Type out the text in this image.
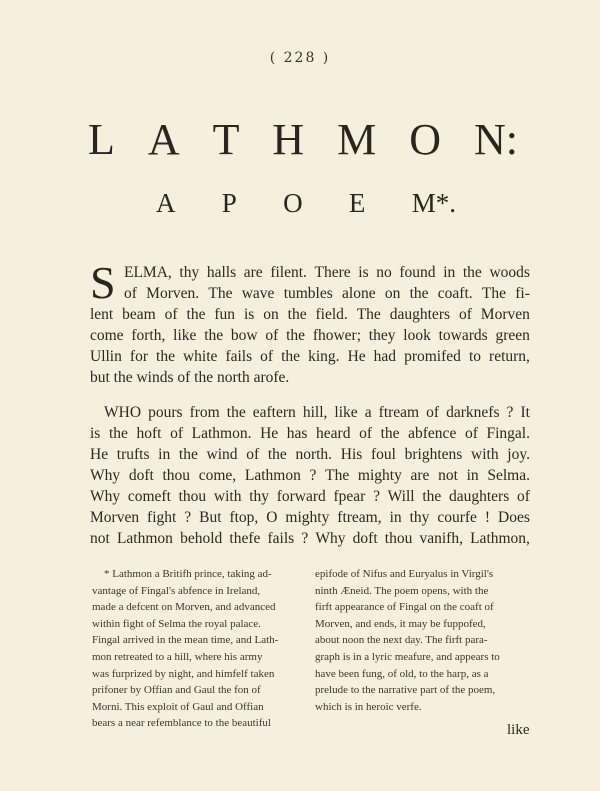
( 228 )
L A T H M O N:
A P O E M*.
S ELMA, thy halls are filent. There is no found in the woods
of Morven. The wave tumbles alone on the coaft. The fi-
lent beam of the fun is on the field. The daughters of Morven
come forth, like the bow of the fhower; they look towards green
Ullin for the white fails of the king. He had promifed to return,
but the winds of the north arofe.
WHO pours from the eaftern hill, like a ftream of darknefs ? It
is the hoft of Lathmon. He has heard of the abfence of Fingal.
He trufts in the wind of the north. His foul brightens with joy.
Why doft thou come, Lathmon ? The mighty are not in Selma.
Why comeft thou with thy forward fpear ? Will the daughters of
Morven fight ? But ftop, O mighty ftream, in thy courfe ! Does
not Lathmon behold thefe fails ? Why doft thou vanifh, Lathmon,
* Lathmon a Britifh prince, taking ad-
vantage of Fingal's abfence in Ireland,
made a defcent on Morven, and advanced
within fight of Selma the royal palace.
Fingal arrived in the mean time, and Lath-
mon retreated to a hill, where his army
was furprized by night, and himfelf taken
prifoner by Offian and Gaul the fon of
Morni. This exploit of Gaul and Offian
bears a near refemblance to the beautiful
epifode of Nifus and Euryalus in Virgil's
ninth Æneid. The poem opens, with the
firft appearance of Fingal on the coaft of
Morven, and ends, it may be fuppofed,
about noon the next day. The firft para-
graph is in a lyric meafure, and appears to
have been fung, of old, to the harp, as a
prelude to the narrative part of the poem,
which is in heroic verfe.
like
